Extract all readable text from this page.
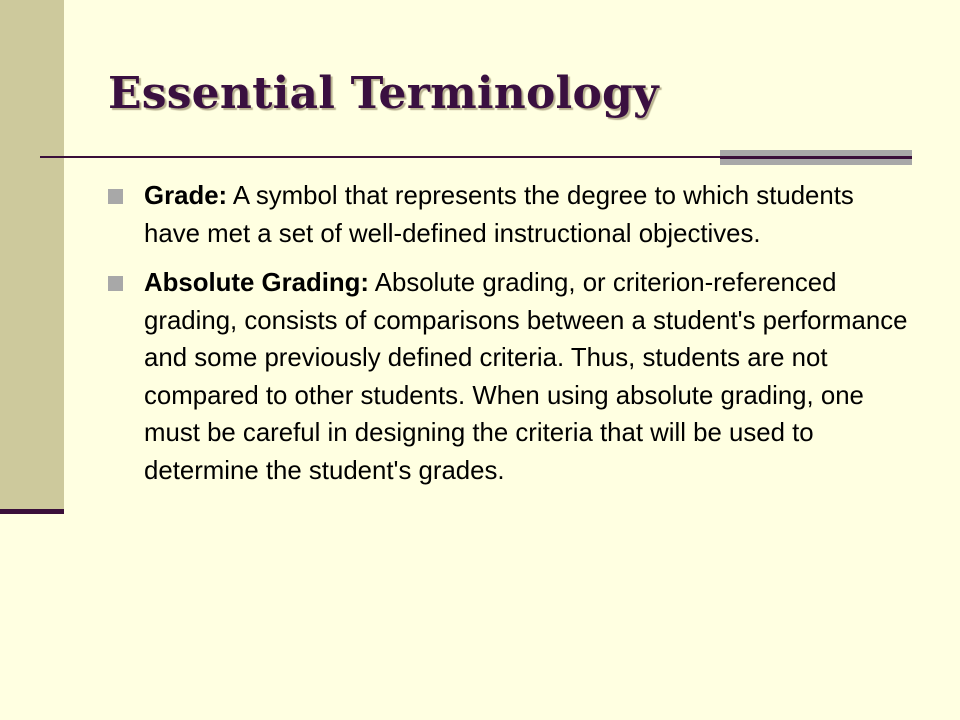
Essential Terminology
Grade: A symbol that represents the degree to which students have met a set of well-defined instructional objectives.
Absolute Grading: Absolute grading, or criterion-referenced grading, consists of comparisons between a student's performance and some previously defined criteria. Thus, students are not compared to other students. When using absolute grading, one must be careful in designing the criteria that will be used to determine the student's grades.
